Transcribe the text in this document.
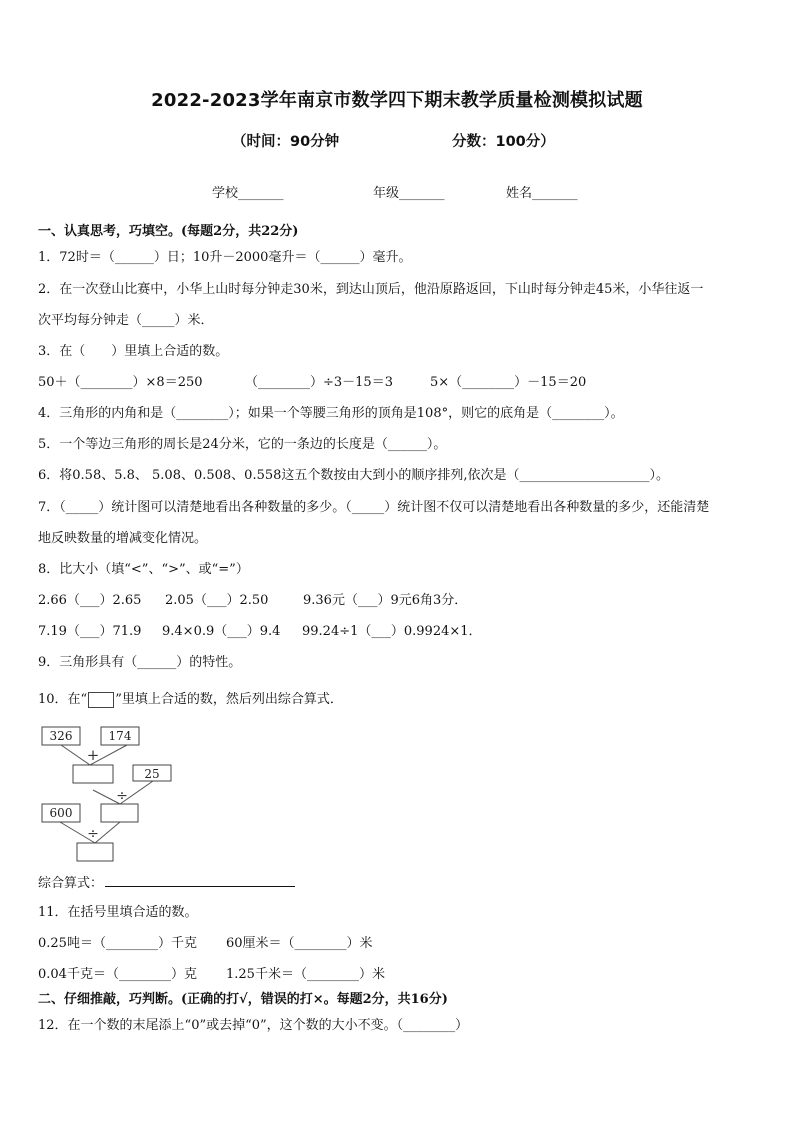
2022-2023学年南京市数学四下期末教学质量检测模拟试题
（时间：90分钟	分数：100分）
学校_______	年级_______	姓名_______
一、认真思考，巧填空。(每题2分，共22分)
1．72时＝（______）日；10升－2000毫升＝（______）毫升。
2．在一次登山比赛中，小华上山时每分钟走30米，到达山顶后，他沿原路返回，下山时每分钟走45米，小华往返一
次平均每分钟走（_____）米．
3．在（　　）里填上合适的数。
50＋（________）×8＝250	（________）÷3－15＝3	5×（________）－15＝20
4．三角形的内角和是（________）；如果一个等腰三角形的顶角是108°，则它的底角是（________）。
5．一个等边三角形的周长是24分米，它的一条边的长度是（______）。
6．将0.58、5.8、 5.08、0.508、0.558这五个数按由大到小的顺序排列,依次是（____________________）。
7．（_____）统计图可以清楚地看出各种数量的多少。（_____）统计图不仅可以清楚地看出各种数量的多少，还能清楚
地反映数量的增减变化情况。
8．比大小（填“<”、“>”、或“=”）
2.66（___）2.65 2.05（___）2.50	9.36元（___）9元6角3分．
7.19（___）71.9 9.4×0.9（___）9.4 99.24÷1（___）0.9924×1．
9．三角形具有（______）的特性。
10．在“ ”里填上合适的数，然后列出综合算式．
326	174
25
600
+
÷
÷
综合算式：
11．在括号里填合适的数。
0.25吨＝（________）千克 60厘米＝（________）米
0.04千克＝（________）克 1.25千米＝（________）米
二、仔细推敲，巧判断。(正确的打√，错误的打×。每题2分，共16分)
12．在一个数的末尾添上“0”或去掉“0”，这个数的大小不变。（________）
